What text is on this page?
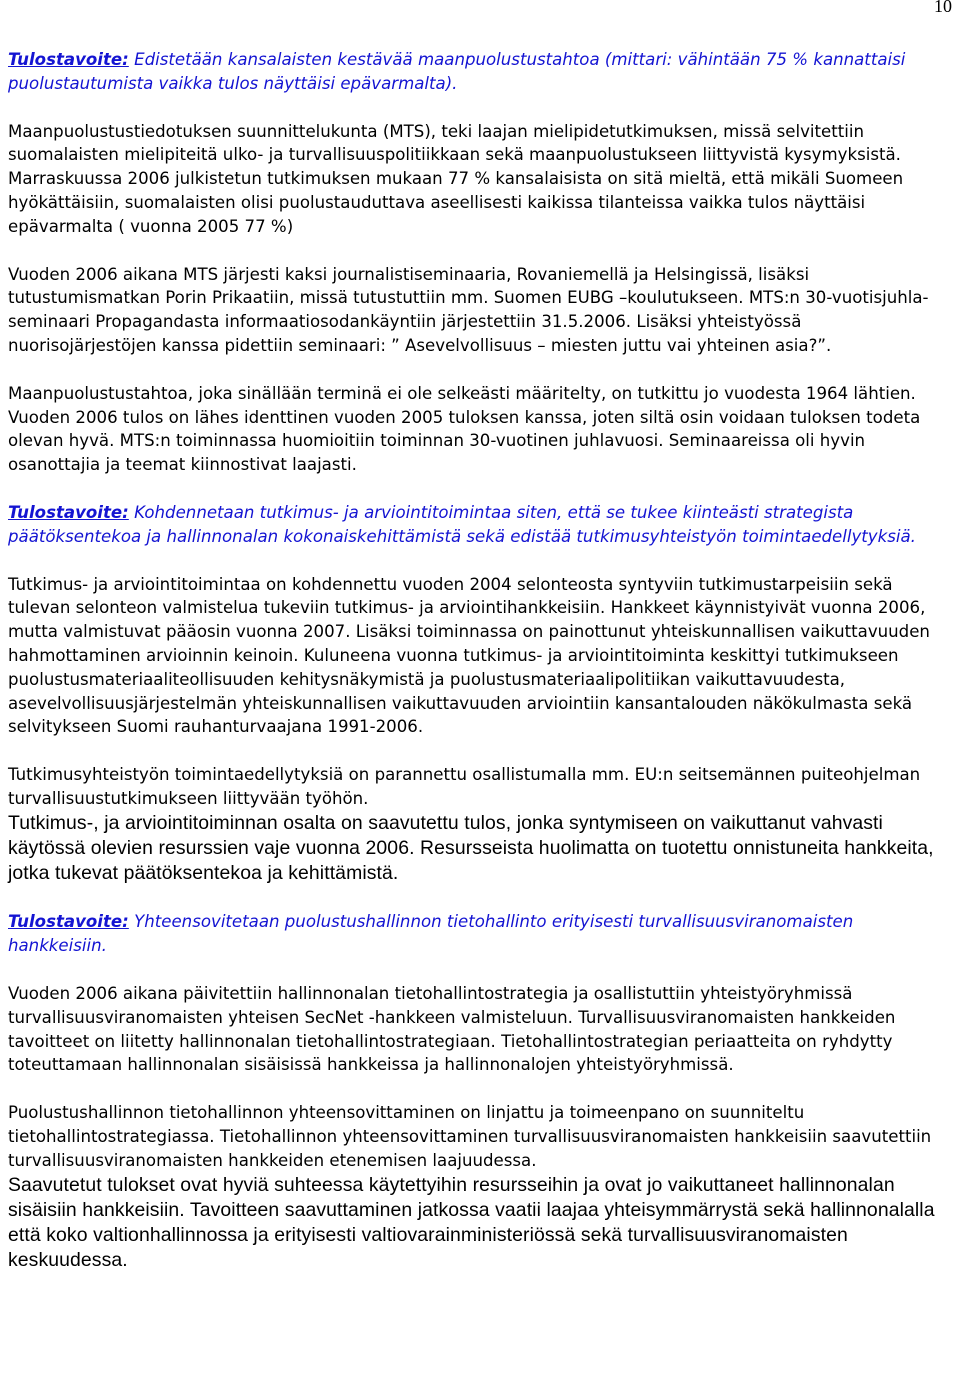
10

Tulostavoite: Edistetään kansalaisten kestävää maanpuolustustahtoa (mittari: vähintään 75 % kannattaisi puolustautumista vaikka tulos näyttäisi epävarmalta).

Maanpuolustustiedotuksen suunnittelukunta (MTS), teki laajan mielipidetutkimuksen, missä selvitettiin suomalaisten mielipiteitä ulko- ja turvallisuuspolitiikkaan sekä maanpuolustukseen liittyvistä kysymyksistä. Marraskuussa 2006 julkistetun tutkimuksen mukaan 77 % kansalaisista on sitä mieltä, että mikäli Suomeen hyökättäisiin, suomalaisten olisi puolustauduttava aseellisesti kaikissa tilanteissa vaikka tulos näyttäisi epävarmalta ( vuonna 2005 77 %)

Vuoden 2006 aikana MTS järjesti kaksi journalistiseminaaria, Rovaniemellä ja Helsingissä, lisäksi tutustumismatkan Porin Prikaatiin, missä tutustuttiin mm. Suomen EUBG –koulutukseen. MTS:n 30-vuotisjuhla- seminaari Propagandasta informaatiosodankäyntiin järjestettiin 31.5.2006. Lisäksi yhteistyössä nuorisojärjestöjen kanssa pidettiin seminaari: ” Asevelvollisuus – miesten juttu vai yhteinen asia?”.

Maanpuolustustahtoa, joka sinällään terminä ei ole selkeästi määritelty, on tutkittu jo vuodesta 1964 lähtien. Vuoden 2006 tulos on lähes identtinen vuoden 2005 tuloksen kanssa, joten siltä osin voidaan tuloksen todeta olevan hyvä. MTS:n toiminnassa huomioitiin toiminnan 30-vuotinen juhlavuosi. Seminaareissa oli hyvin osanottajia ja teemat kiinnostivat laajasti.

Tulostavoite: Kohdennetaan tutkimus- ja arviointitoimintaa siten, että se tukee kiinteästi strategista päätöksentekoa ja hallinnonalan kokonaiskehittämistä sekä edistää tutkimusyhteistyön toimintaedellytyksiä.

Tutkimus- ja arviointitoimintaa on kohdennettu vuoden 2004 selonteosta syntyviin tutkimustarpeisiin sekä tulevan selonteon valmistelua tukeviin tutkimus- ja arviointihankkeisiin. Hankkeet käynnistyivät vuonna 2006, mutta valmistuvat pääosin vuonna 2007. Lisäksi toiminnassa on painottunut yhteiskunnallisen vaikuttavuuden hahmottaminen arvioinnin keinoin. Kuluneena vuonna tutkimus- ja arviointitoiminta keskittyi tutkimukseen puolustusmateriaaliteollisuuden kehitysnäkymistä ja puolustusmateriaalipolitiikan vaikuttavuudesta, asevelvollisuusjärjestelmän yhteiskunnallisen vaikuttavuuden arviointiin kansantalouden näkökulmasta sekä selvitykseen Suomi rauhanturvaajana 1991-2006.

Tutkimusyhteistyön toimintaedellytyksiä on parannettu osallistumalla mm. EU:n seitsemännen puiteohjelman turvallisuustutkimukseen liittyvään työhön.

Tutkimus-, ja arviointitoiminnan osalta on saavutettu tulos, jonka syntymiseen on vaikuttanut vahvasti käytössä olevien resurssien vaje vuonna 2006. Resursseista huolimatta on tuotettu onnistuneita hankkeita, jotka tukevat päätöksentekoa ja kehittämistä.

Tulostavoite: Yhteensovitetaan puolustushallinnon tietohallinto erityisesti turvallisuusviranomaisten hankkeisiin.

Vuoden 2006 aikana päivitettiin hallinnonalan tietohallintostrategia ja osallistuttiin yhteistyöryhmissä turvallisuusviranomaisten yhteisen SecNet -hankkeen valmisteluun. Turvallisuusviranomaisten hankkeiden tavoitteet on liitetty hallinnonalan tietohallintostrategiaan. Tietohallintostrategian periaatteita on ryhdytty toteuttamaan hallinnonalan sisäisissä hankkeissa ja hallinnonalojen yhteistyöryhmissä.

Puolustushallinnon tietohallinnon yhteensovittaminen on linjattu ja toimeenpano on suunniteltu tietohallintostrategiassa. Tietohallinnon yhteensovittaminen turvallisuusviranomaisten hankkeisiin saavutettiin turvallisuusviranomaisten hankkeiden etenemisen laajuudessa.

Saavutetut tulokset ovat hyviä suhteessa käytettyihin resursseihin ja ovat jo vaikuttaneet hallinnonalan sisäisiin hankkeisiin. Tavoitteen saavuttaminen jatkossa vaatii laajaa yhteisymmärrystä sekä hallinnonalalla että koko valtionhallinnossa ja erityisesti valtiovarainministeriössä sekä turvallisuusviranomaisten keskuudessa.
